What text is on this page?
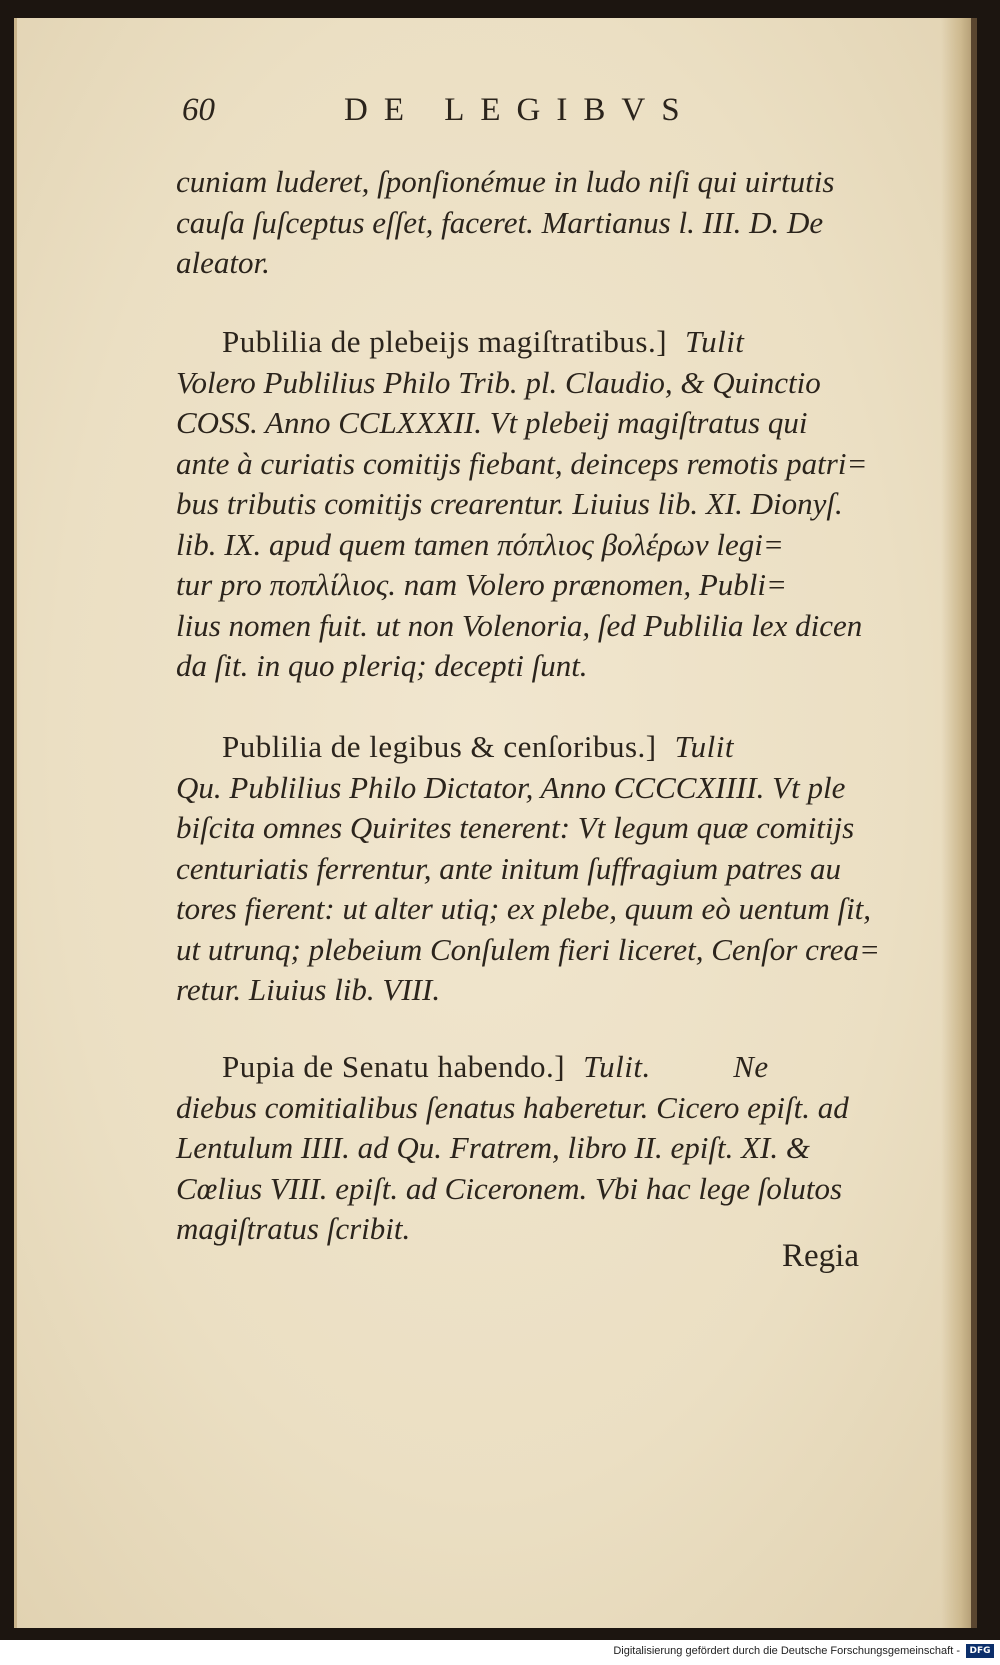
60	DE LEGIBVS
cuniam luderet, ſponſionémue in ludo niſi qui uirtutis
cauſa ſuſceptus eſſet, faceret. Martianus l. III. D. De
aleator.
Publilia de plebeijs magiſtratibus.] Tulit
Volero Publilius Philo Trib. pl. Claudio, & Quinctio
COSS. Anno CCLXXXII. Vt plebeij magiſtratus qui
ante à curiatis comitijs fiebant, deinceps remotis patri=
bus tributis comitijs crearentur. Liuius lib. XI. Dionyſ.
lib. IX. apud quem tamen πόπλιος βολέρων legi=
tur pro ποπλίλιος. nam Volero prænomen, Publi=
lius nomen fuit. ut non Volenoria, ſed Publilia lex dicen
da ſit. in quo pleriq; decepti ſunt.
Publilia de legibus & cenſoribus.] Tulit
Qu. Publilius Philo Dictator, Anno CCCCXIIII. Vt ple
biſcita omnes Quirites tenerent: Vt legum quæ comitijs
centuriatis ferrentur, ante initum ſuffragium patres au
tores fierent: ut alter utiq; ex plebe, quum eò uentum ſit,
ut utrunq; plebeium Conſulem fieri liceret, Cenſor crea=
retur. Liuius lib. VIII.
Pupia de Senatu habendo.] Tulit.          Ne
diebus comitialibus ſenatus haberetur. Cicero epiſt. ad
Lentulum IIII. ad Qu. Fratrem, libro II. epiſt. XI. &
Cœlius VIII. epiſt. ad Ciceronem. Vbi hac lege ſolutos
magiſtratus ſcribit.
Regia
Digitalisierung gefördert durch die Deutsche Forschungsgemeinschaft -	DFG
